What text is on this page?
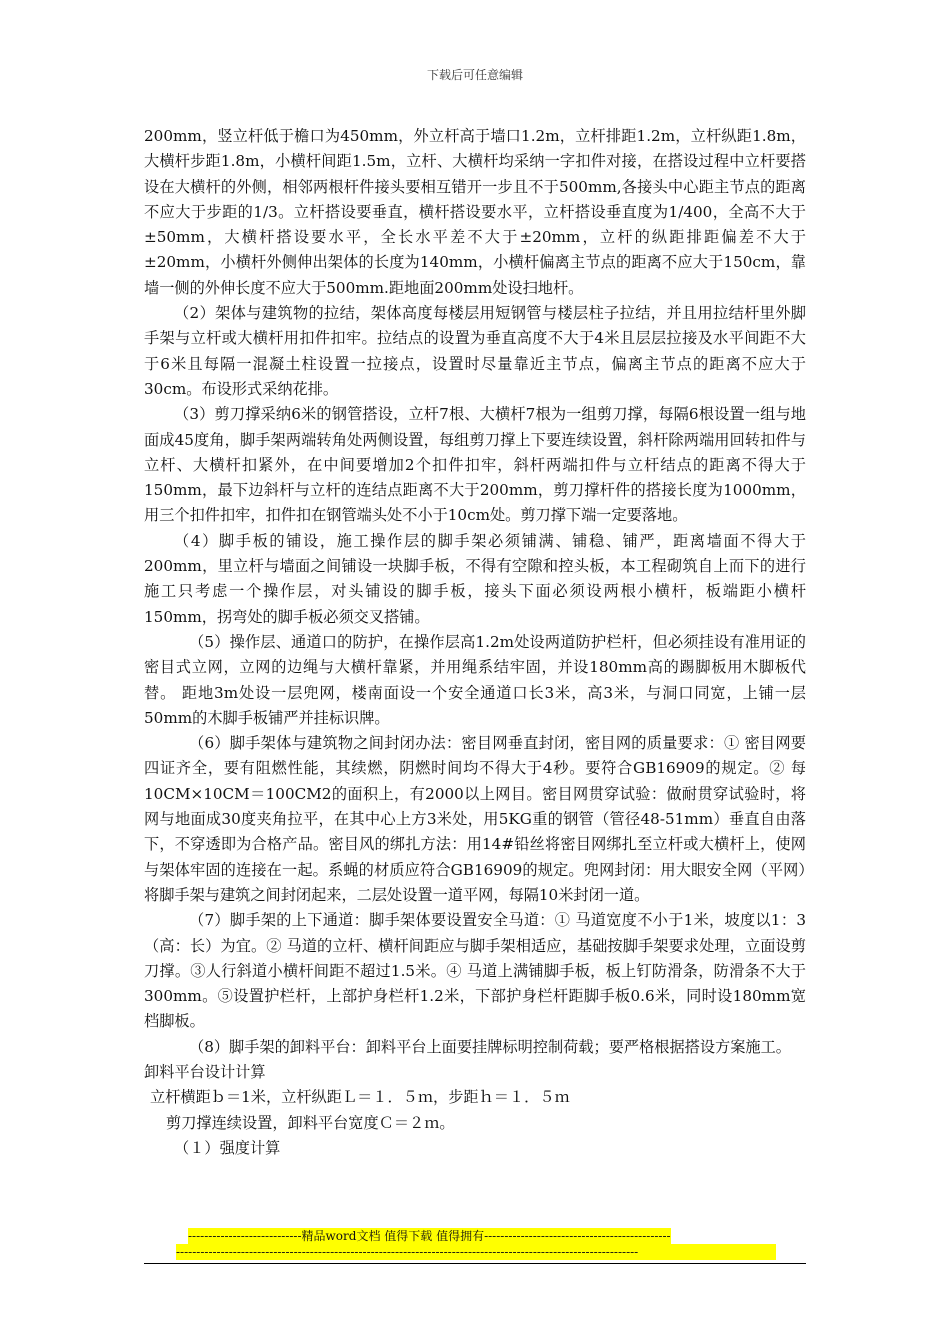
下载后可任意编辑

200mm，竖立杆低于檐口为450mm，外立杆高于墙口1.2m，立杆排距1.2m，立杆纵距1.8m，大横杆步距1.8m，小横杆间距1.5m，立杆、大横杆均采纳一字扣件对接，在搭设过程中立杆要搭设在大横杆的外侧，相邻两根杆件接头要相互错开一步且不于500mm,各接头中心距主节点的距离不应大于步距的1/3。立杆搭设要垂直，横杆搭设要水平，立杆搭设垂直度为1/400，全高不大于±50mm，大横杆搭设要水平，全长水平差不大于±20mm，立杆的纵距排距偏差不大于±20mm，小横杆外侧伸出架体的长度为140mm，小横杆偏离主节点的距离不应大于150cm，靠墙一侧的外伸长度不应大于500mm.距地面200mm处设扫地杆。

（2）架体与建筑物的拉结，架体高度每楼层用短钢管与楼层柱子拉结，并且用拉结杆里外脚手架与立杆或大横杆用扣件扣牢。拉结点的设置为垂直高度不大于4米且层层拉接及水平间距不大于6米且每隔一混凝土柱设置一拉接点，设置时尽量靠近主节点，偏离主节点的距离不应大于30cm。布设形式采纳花排。

（3）剪刀撑采纳6米的钢管搭设，立杆7根、大横杆7根为一组剪刀撑，每隔6根设置一组与地面成45度角，脚手架两端转角处两侧设置，每组剪刀撑上下要连续设置，斜杆除两端用回转扣件与立杆、大横杆扣紧外，在中间要增加2个扣件扣牢，斜杆两端扣件与立杆结点的距离不得大于150mm，最下边斜杆与立杆的连结点距离不大于200mm，剪刀撑杆件的搭接长度为1000mm，用三个扣件扣牢，扣件扣在钢管端头处不小于10cm处。剪刀撑下端一定要落地。

（4）脚手板的铺设，施工操作层的脚手架必须铺满、铺稳、铺严，距离墙面不得大于200mm，里立杆与墙面之间铺设一块脚手板，不得有空隙和控头板，本工程砌筑自上而下的进行施工只考虑一个操作层，对头铺设的脚手板，接头下面必须设两根小横杆，板端距小横杆150mm，拐弯处的脚手板必须交叉搭铺。

（5）操作层、通道口的防护，在操作层高1.2m处设两道防护栏杆，但必须挂设有准用证的密目式立网，立网的边绳与大横杆靠紧，并用绳系结牢固，并设180mm高的踢脚板用木脚板代替。 距地3m处设一层兜网，楼南面设一个安全通道口长3米，高3米，与洞口同宽，上铺一层50mm的木脚手板铺严并挂标识牌。

（6）脚手架体与建筑物之间封闭办法：密目网垂直封闭，密目网的质量要求：① 密目网要四证齐全，要有阻燃性能，其续燃，阴燃时间均不得大于4秒。要符合GB16909的规定。② 每10CM×10CM＝100CM2的面积上，有2000以上网目。密目网贯穿试验：做耐贯穿试验时，将网与地面成30度夹角拉平，在其中心上方3米处，用5KG重的钢管（管径48-51mm）垂直自由落下，不穿透即为合格产品。密目风的绑扎方法：用14#铅丝将密目网绑扎至立杆或大横杆上，使网与架体牢固的连接在一起。系蝇的材质应符合GB16909的规定。兜网封闭：用大眼安全网（平网）将脚手架与建筑之间封闭起来，二层处设置一道平网，每隔10米封闭一道。

（7）脚手架的上下通道：脚手架体要设置安全马道：① 马道宽度不小于1米，坡度以1：3（高：长）为宜。② 马道的立杆、横杆间距应与脚手架相适应，基础按脚手架要求处理，立面设剪刀撑。③人行斜道小横杆间距不超过1.5米。④ 马道上满铺脚手板，板上钉防滑条，防滑条不大于300mm。⑤设置护栏杆，上部护身栏杆1.2米，下部护身栏杆距脚手板0.6米，同时设180mm宽档脚板。

（8）脚手架的卸料平台：卸料平台上面要挂牌标明控制荷载；要严格根据搭设方案施工。

卸料平台设计计算

立杆横距ｂ＝1米，立杆纵距Ｌ＝１．５ｍ，步距ｈ＝１．５ｍ

剪刀撑连续设置，卸料平台宽度Ｃ＝２ｍ。

（１）强度计算

----------------------------精品word文档 值得下载 值得拥有----------------------------------------------
------------------------------------------------------------------------------------------------------------------
